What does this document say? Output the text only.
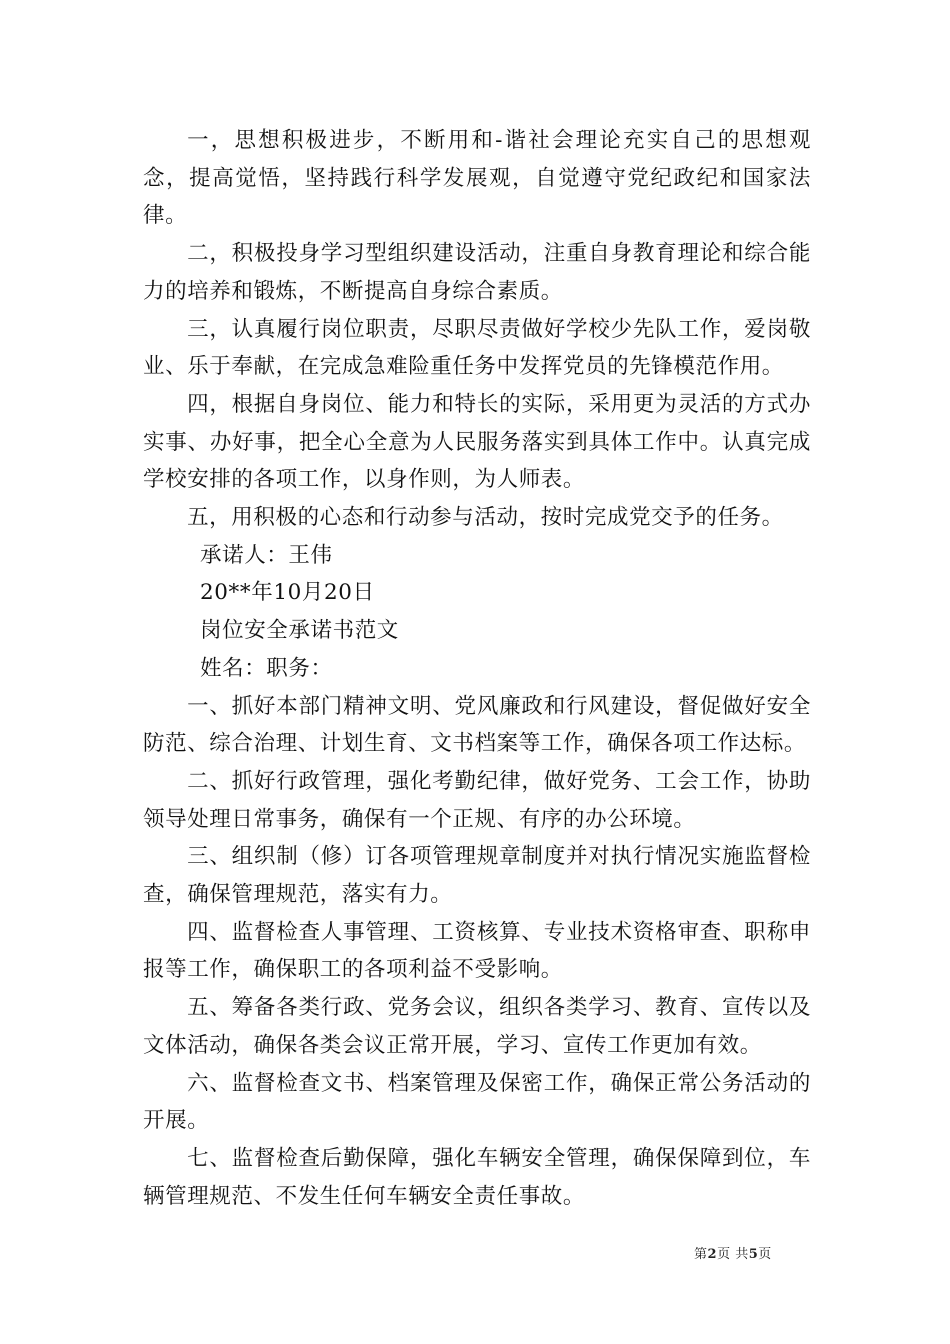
一，思想积极进步，不断用和-谐社会理论充实自己的思想观念，提高觉悟，坚持践行科学发展观，自觉遵守党纪政纪和国家法律。

二，积极投身学习型组织建设活动，注重自身教育理论和综合能力的培养和锻炼，不断提高自身综合素质。

三，认真履行岗位职责，尽职尽责做好学校少先队工作，爱岗敬业、乐于奉献，在完成急难险重任务中发挥党员的先锋模范作用。

四，根据自身岗位、能力和特长的实际，采用更为灵活的方式办实事、办好事，把全心全意为人民服务落实到具体工作中。认真完成学校安排的各项工作，以身作则，为人师表。

五，用积极的心态和行动参与活动，按时完成党交予的任务。

承诺人：王伟

20**年10月20日

岗位安全承诺书范文

姓名：职务：

一、抓好本部门精神文明、党风廉政和行风建设，督促做好安全防范、综合治理、计划生育、文书档案等工作，确保各项工作达标。

二、抓好行政管理，强化考勤纪律，做好党务、工会工作，协助领导处理日常事务，确保有一个正规、有序的办公环境。

三、组织制（修）订各项管理规章制度并对执行情况实施监督检查，确保管理规范，落实有力。

四、监督检查人事管理、工资核算、专业技术资格审查、职称申报等工作，确保职工的各项利益不受影响。

五、筹备各类行政、党务会议，组织各类学习、教育、宣传以及文体活动，确保各类会议正常开展，学习、宣传工作更加有效。

六、监督检查文书、档案管理及保密工作，确保正常公务活动的开展。

七、监督检查后勤保障，强化车辆安全管理，确保保障到位，车辆管理规范、不发生任何车辆安全责任事故。

第2页 共5页
